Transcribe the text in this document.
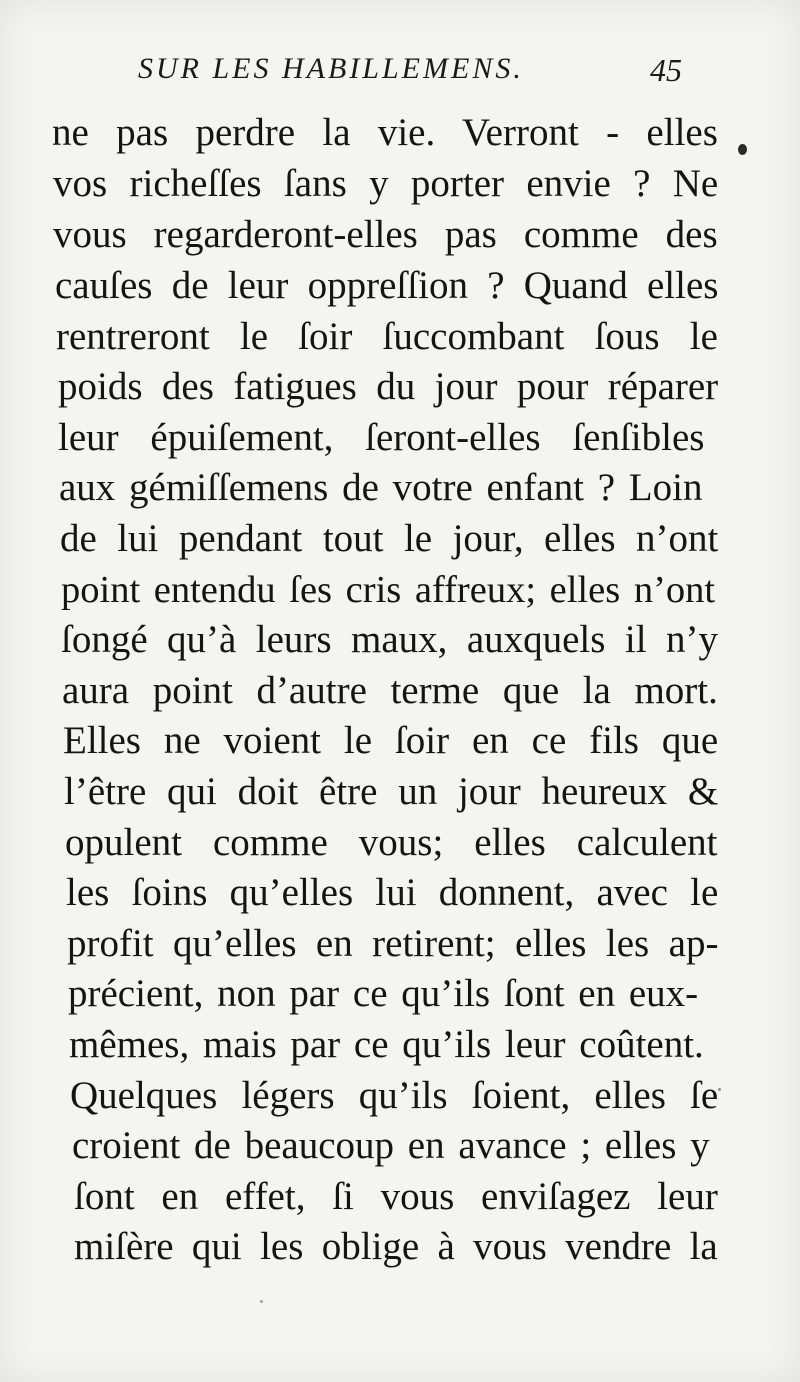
SUR LES HABILLEMENS.	45
ne pas perdre la vie. Verront - elles
vos richeſſes ſans y porter envie ? Ne
vous regarderont-elles pas comme des
cauſes de leur oppreſſion ? Quand elles
rentreront le ſoir ſuccombant ſous le
poids des fatigues du jour pour réparer
leur épuiſement, ſeront-elles ſenſibles
aux gémiſſemens de votre enfant ? Loin
de lui pendant tout le jour, elles n’ont
point entendu ſes cris affreux; elles n’ont
ſongé qu’à leurs maux, auxquels il n’y
aura point d’autre terme que la mort.
Elles ne voient le ſoir en ce fils que
l’être qui doit être un jour heureux &
opulent comme vous; elles calculent
les ſoins qu’elles lui donnent, avec le
profit qu’elles en retirent; elles les ap-
précient, non par ce qu’ils ſont en eux-
mêmes, mais par ce qu’ils leur coûtent.
Quelques légers qu’ils ſoient, elles ſe
croient de beaucoup en avance ; elles y
ſont en effet, ſi vous enviſagez leur
miſère qui les oblige à vous vendre la
